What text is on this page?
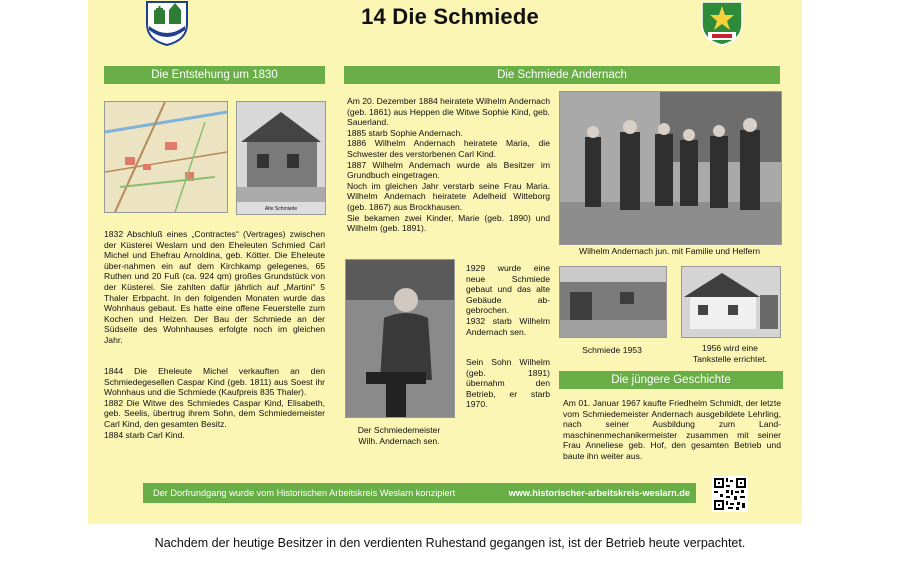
14 Die Schmiede
Die Entstehung um 1830
Alte Schmiede
1832 Abschluß eines „Contractes“ (Vertrages) zwischen der Küsterei Weslarn und den Eheleuten Schmied Carl Michel und Ehefrau Arnoldina, geb. Kötter. Die Eheleute über-nahmen ein auf dem Kirchkamp gelegenes, 65 Ruthen und 20 Fuß (ca. 924 qm) großes Grundstück von der Küsterei. Sie zahlten dafür jährlich auf „Martini“ 5 Thaler Erbpacht. In den folgenden Monaten wurde das Wohnhaus gebaut. Es hatte eine offene Feuerstelle zum Kochen und Heizen. Der Bau der Schmiede an der Südseite des Wohnhauses erfolgte noch im gleichen Jahr.
1844 Die Eheleute Michel verkauften an den Schmiedegesellen Caspar Kind (geb. 1811) aus Soest ihr Wohnhaus und die Schmiede (Kaufpreis 835 Thaler).
1882 Die Witwe des Schmiedes Caspar Kind, Elisabeth, geb. Seelis, übertrug ihrem Sohn, dem Schmiedemeister Carl Kind, den gesamten Besitz.
1884 starb Carl Kind.
Die Schmiede Andernach
Am 20. Dezember 1884 heiratete Wilhelm Andernach (geb. 1861) aus Heppen die Witwe Sophie Kind, geb. Sauerland.
1885 starb Sophie Andernach.
1886 Wilhelm Andernach heiratete Maria, die Schwester des verstorbenen Carl Kind.
1887 Wilhelm Andernach wurde als Besitzer im Grundbuch eingetragen.
Noch im gleichen Jahr verstarb seine Frau Maria. Wilhelm Andernach heiratete Adelheid Witteborg (geb. 1867) aus Brockhausen.
Sie bekamen zwei Kinder, Marie (geb. 1890) und Wilhelm (geb. 1891).
Der Schmiedemeister
Wilh. Andernach sen.
1929 wurde eine neue Schmiede gebaut und das alte Gebäude ab-gebrochen.
1932 starb Wilhelm Andernach sen.
Sein Sohn Wilhelm (geb. 1891) übernahm den Betrieb, er starb 1970.
Wilhelm Andernach jun. mit Familie und Helfern
Schmiede 1953	1956 wird eine
Tankstelle errichtet.
Die jüngere Geschichte
Am 01. Januar 1967 kaufte Friedhelm Schmidt, der letzte vom Schmiedemeister Andernach ausgebildete Lehrling, nach seiner Ausbildung zum Land-maschinenmechanikermeister zusammen mit seiner Frau Anneliese geb. Hof, den gesamten Betrieb und baute ihn weiter aus.
Der Dorfrundgang wurde vom Historischen Arbeitskreis Weslarn konzipiert	www.historischer-arbeitskreis-weslarn.de
Nachdem der heutige Besitzer in den verdienten Ruhestand gegangen ist, ist der Betrieb heute verpachtet.
